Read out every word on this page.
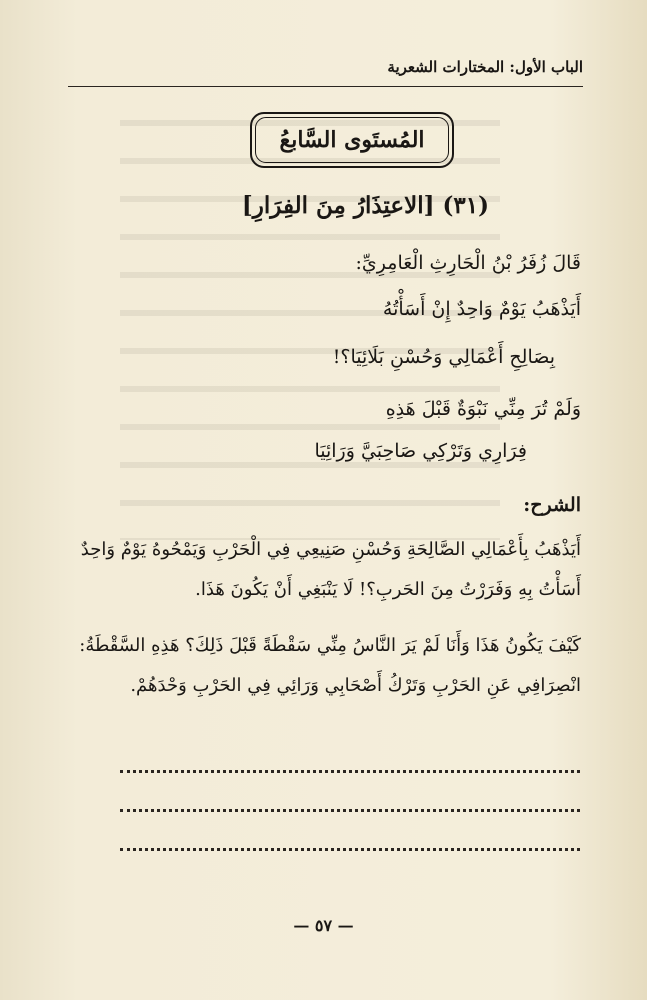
الباب الأول: المختارات الشعرية
المُستَوى السَّابعُ
(٣١) [الاعتِذَارُ مِنَ الفِرَارِ]
قَالَ زُفَرُ بْنُ الْحَارِثِ الْعَامِرِيِّ:
أَيَذْهَبُ يَوْمٌ وَاحِدٌ إِنْ أَسَأْتُهُ
بِصَالِحِ أَعْمَالِي وَحُسْنِ بَلَائِيَا؟!
وَلَمْ تُرَ مِنِّي نَبْوَةٌ قَبْلَ هَذِهِ
فِرَارِي وَتَرْكِي صَاحِبَيَّ وَرَائِيَا
الشرح:
أَيَذْهَبُ بِأَعْمَالِي الصَّالِحَةِ وَحُسْنِ صَنِيعِي فِي الْحَرْبِ وَيَمْحُوهُ يَوْمٌ وَاحِدٌ أَسَأْتُ بِهِ وَفَرَرْتُ مِنَ الحَربِ؟! لَا يَنْبَغِي أَنْ يَكُونَ هَذَا.
كَيْفَ يَكُونُ هَذَا وَأَنَا لَمْ يَرَ النَّاسُ مِنِّي سَقْطَةً قَبْلَ ذَلِكَ؟ هَذِهِ السَّقْطَةُ: انْصِرَافِي عَنِ الحَرْبِ وَتَرْكُ أَصْحَابِي وَرَائِي فِي الحَرْبِ وَحْدَهُمْ.
— ٥٧ —
